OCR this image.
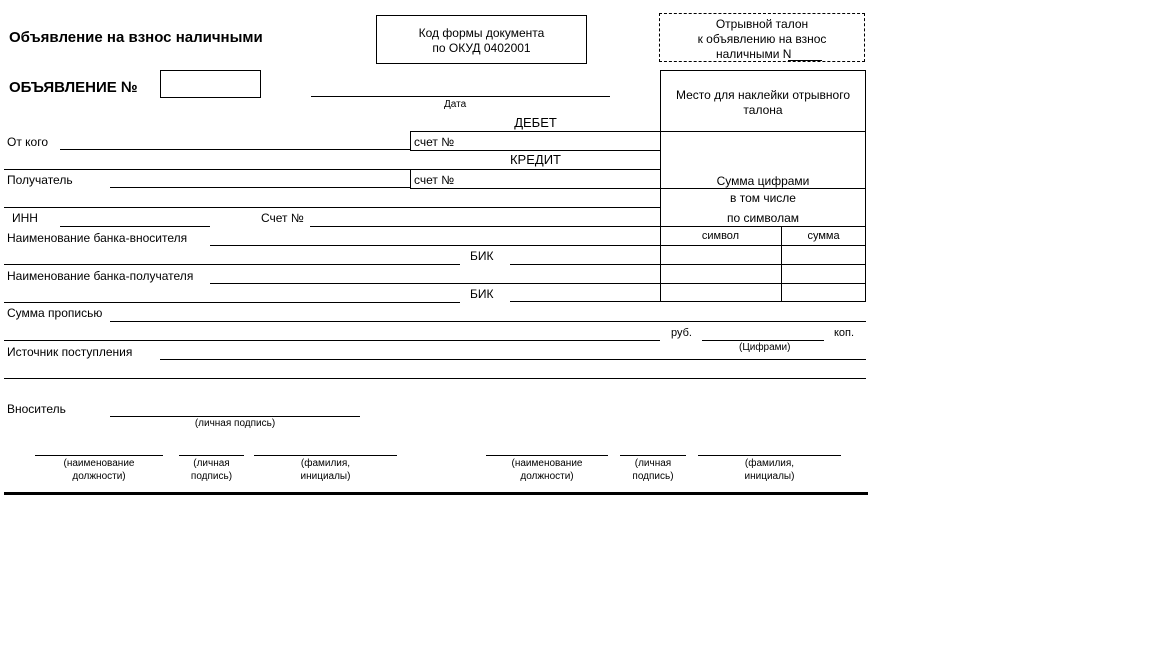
Объявление на взнос наличными	Код формы документа
по ОКУД 0402001
Отрывной талон
к объявлению на взнос
наличными N
ОБЪЯВЛЕНИЕ №
Дата
Место для наклейки отрывного
талона
Сумма цифрами
в том числе
по символам
символ	сумма
ДЕБЕТ
счет №
От кого
КРЕДИТ
Получатель	счет №
ИНН	Счет №
Наименование банка-вносителя
БИК
Наименование банка-получателя
БИК
Сумма прописью
руб.	коп.
(Цифрами)
Источник поступления
Вноситель
(личная подпись)
(наименование
должности)
(личная
подпись)
(фамилия,
инициалы)
(наименование
должности)
(личная
подпись)
(фамилия,
инициалы)
